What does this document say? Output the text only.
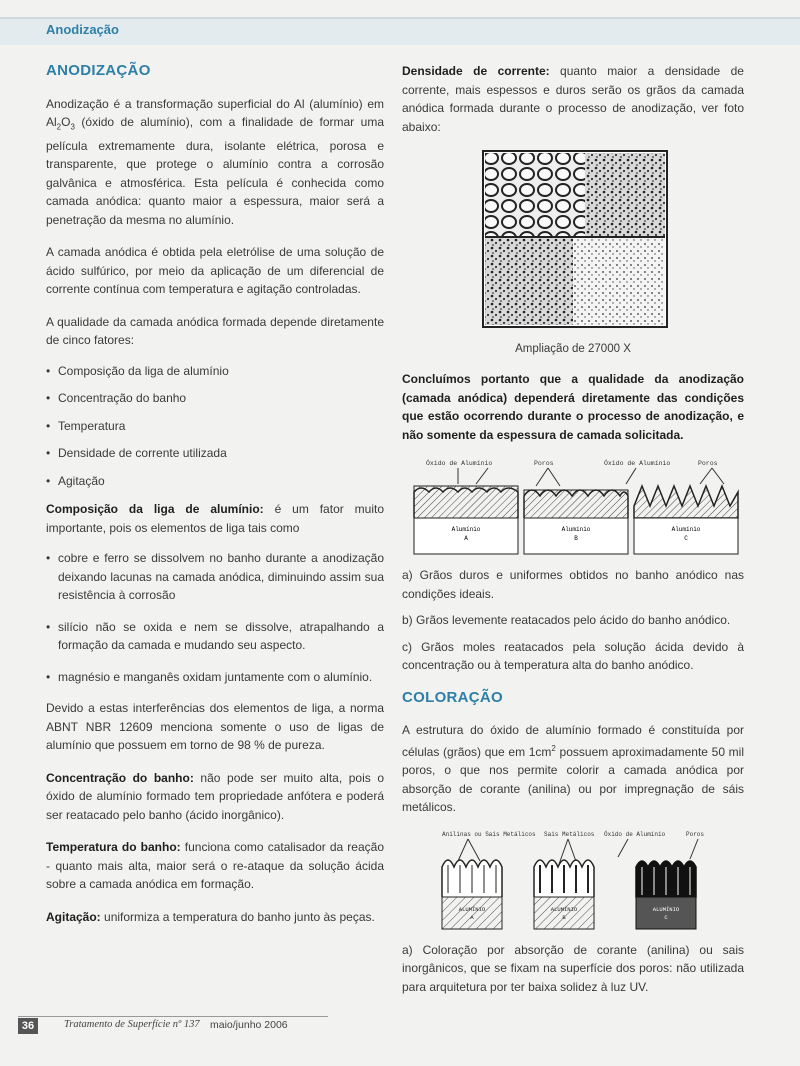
Anodização
ANODIZAÇÃO

Anodização é a transformação superficial do Al (alumínio) em $Al_2O_3$ (óxido de alumínio), com a finalidade de formar uma película extremamente dura, isolante elétrica, porosa e transparente, que protege o alumínio contra a corrosão galvânica e atmosférica. Esta película é conhecida como camada anódica: quanto maior a espessura, maior será a penetração da mesma no alumínio.

A camada anódica é obtida pela eletrólise de uma solução de ácido sulfúrico, por meio da aplicação de um diferencial de corrente contínua com temperatura e agitação controladas.

A qualidade da camada anódica formada depende diretamente de cinco fatores:

• Composição da liga de alumínio
• Concentração do banho
• Temperatura
• Densidade de corrente utilizada
• Agitação

Composição da liga de alumínio: é um fator muito importante, pois os elementos de liga tais como

• cobre e ferro se dissolvem no banho durante a anodização deixando lacunas na camada anódica, diminuindo assim sua resistência à corrosão
• silício não se oxida e nem se dissolve, atrapalhando a formação da camada e mudando seu aspecto.
• magnésio e manganês oxidam juntamente com o alumínio.

Devido a estas interferências dos elementos de liga, a norma ABNT NBR 12609 menciona somente o uso de ligas de alumínio que possuem em torno de 98 % de pureza.

Concentração do banho: não pode ser muito alta, pois o óxido de alumínio formado tem propriedade anfótera e poderá ser reatacado pelo banho (ácido inorgânico).

Temperatura do banho: funciona como catalisador da reação - quanto mais alta, maior será o re-ataque da solução ácida sobre a camada anódica em formação.

Agitação: uniformiza a temperatura do banho junto às peças.

Densidade de corrente: quanto maior a densidade de corrente, mais espessos e duros serão os grãos da camada anódica formada durante o processo de anodização, ver foto abaixo:

Ampliação de 27000 X
Concluímos portanto que a qualidade da anodização (camada anódica) dependerá diretamente das condições que estão ocorrendo durante o processo de anodização, e não somente da espessura de camada solicitada.
Óxido de Alumínio	Poros	Óxido de Alumínio	Poros
Alumínio
A
Alumínio
B
Alumínio
C

a) Grãos duros e uniformes obtidos no banho anódico nas condições ideais.

b) Grãos levemente reatacados pelo ácido do banho anódico.

c) Grãos moles reatacados pela solução ácida devido à concentração ou à temperatura alta do banho anódico.

COLORAÇÃO

A estrutura do óxido de alumínio formado é constituída por células (grãos) que em $1cm^2$ possuem aproximadamente 50 mil poros, o que nos permite colorir a camada anódica por absorção de corante (anilina) ou por impregnação de sáis metálicos.

Anilinas ou Sais Metálicos Sais Metálicos Óxido de Alumínio	Poros
ALUMÍNIO
A
ALUMÍNIO
B
ALUMÍNIO
C

a) Coloração por absorção de corante (anilina) ou sais inorgânicos, que se fixam na superfície dos poros: não utilizada para arquitetura por ter baixa solidez à luz UV.

36	Tratamento de Superfície nº 137 maio/junho 2006
